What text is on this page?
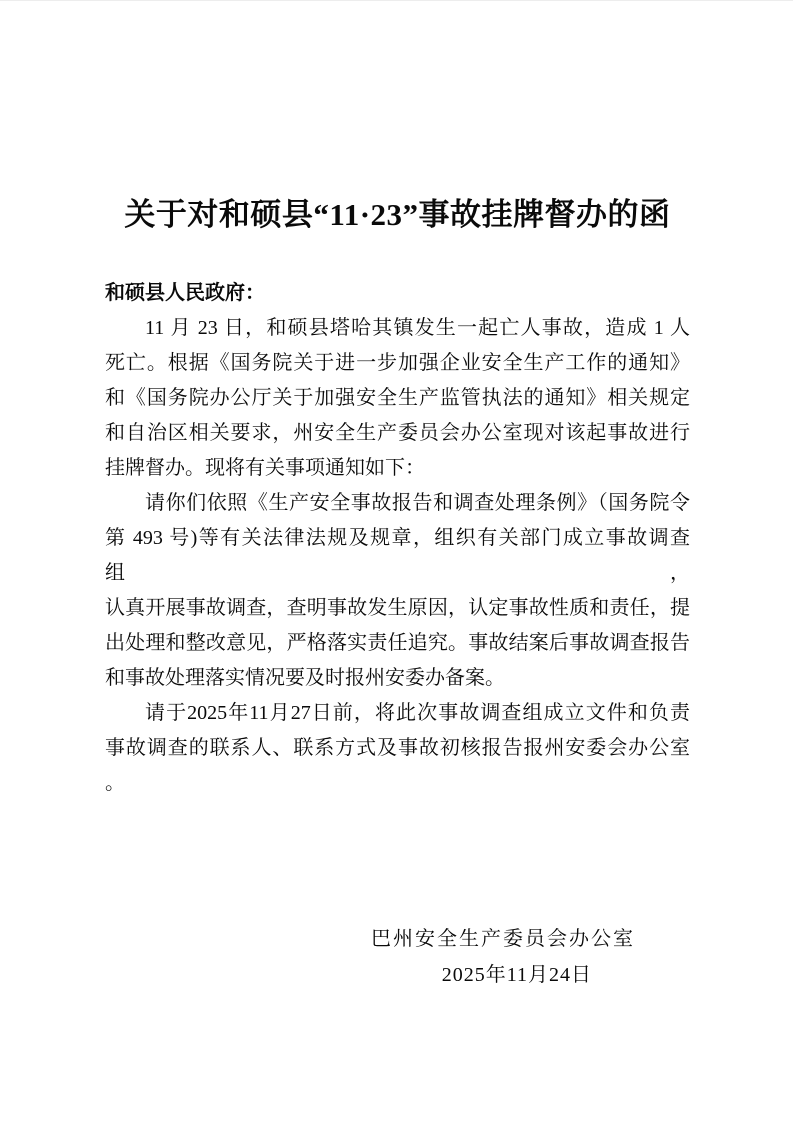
关于对和硕县“11·23”事故挂牌督办的函

和硕县人民政府：

11 月 23 日，和硕县塔哈其镇发生一起亡人事故，造成 1 人
死亡。根据《国务院关于进一步加强企业安全生产工作的通知》
和《国务院办公厅关于加强安全生产监管执法的通知》相关规定
和自治区相关要求，州安全生产委员会办公室现对该起事故进行
挂牌督办。现将有关事项通知如下：
请你们依照《生产安全事故报告和调查处理条例》（国务院令
第 493 号)等有关法律法规及规章，组织有关部门成立事故调查组，
认真开展事故调查，查明事故发生原因，认定事故性质和责任，提
出处理和整改意见，严格落实责任追究。事故结案后事故调查报告
和事故处理落实情况要及时报州安委办备案。
请于2025年11月27日前，将此次事故调查组成立文件和负责
事故调查的联系人、联系方式及事故初核报告报州安委会办公室
。
巴州安全生产委员会办公室
2025年11月24日
